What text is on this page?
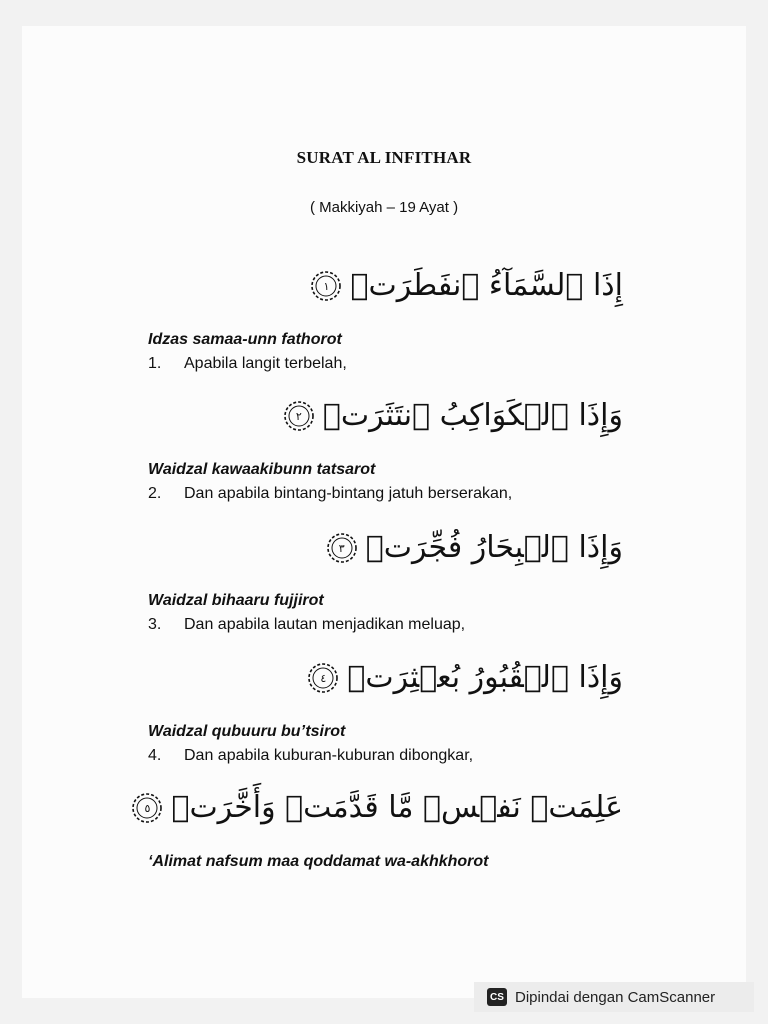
SURAT AL INFITHAR
( Makkiyah – 19 Ayat )
إِذَا ٱلسَّمَآءُ ٱنفَطَرَتۡ
١
Idzas samaa-unn fathorot
1.	Apabila langit terbelah,
وَإِذَا ٱلۡكَوَاكِبُ ٱنتَثَرَتۡ
٢
Waidzal kawaakibunn tatsarot
2.	Dan apabila bintang-bintang jatuh berserakan,
وَإِذَا ٱلۡبِحَارُ فُجِّرَتۡ
٣
Waidzal bihaaru fujjirot
3.	Dan apabila lautan menjadikan meluap,
وَإِذَا ٱلۡقُبُورُ بُعۡثِرَتۡ
٤
Waidzal qubuuru bu’tsirot
4.	Dan apabila kuburan-kuburan dibongkar,
عَلِمَتۡ نَفۡسٞ مَّا قَدَّمَتۡ وَأَخَّرَتۡ
٥
‘Alimat nafsum maa qoddamat wa-akhkhorot
CS Dipindai dengan CamScanner
